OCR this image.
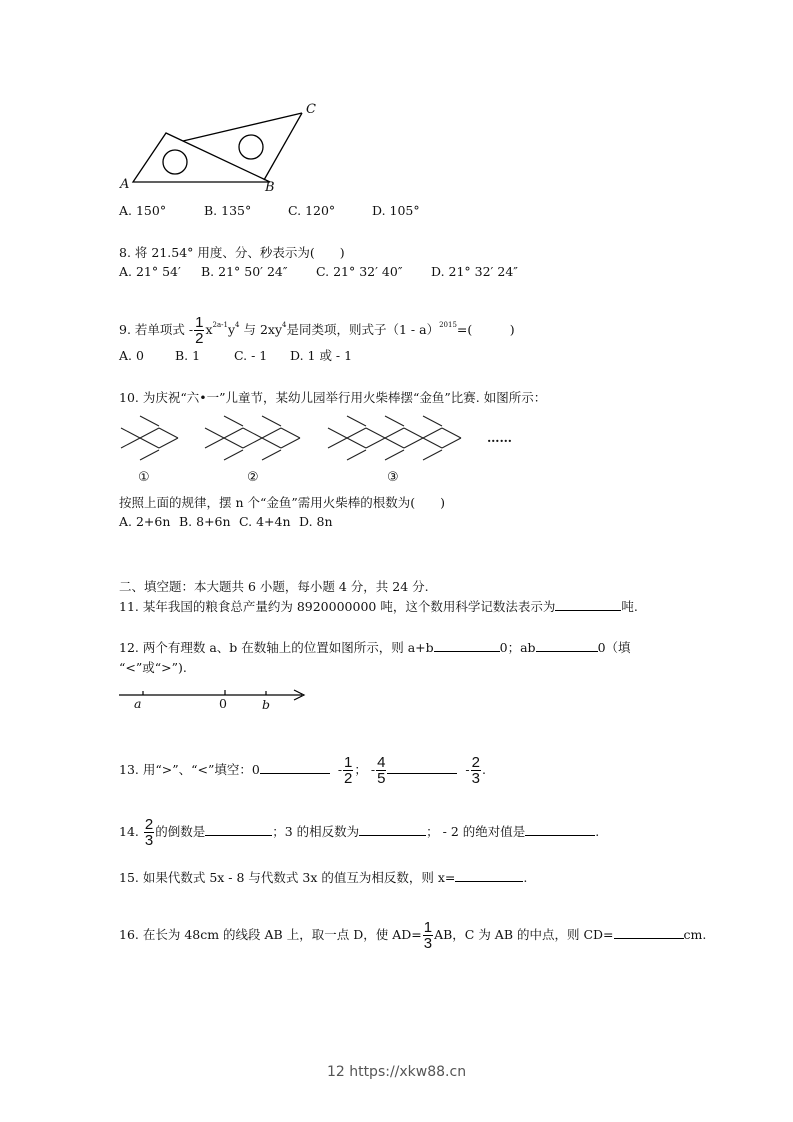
A	B
C
A. 150°	B. 135°	C. 120°	D. 105°
8. 将 21.54° 用度、分、秒表示为(　　)
A. 21° 54′ B. 21° 50′ 24″ C. 21° 32′ 40″ D. 21° 32′ 24″
9. 若单项式 - $\frac{1}{2} x^{2a-1}y^4$ 与 $2xy^4$是同类项，则式子（1 - a）$^{2015}$=(　　　)
A. 0 B. 1	C. - 1 D. 1 或 - 1
10. 为庆祝“六•一”儿童节，某幼儿园举行用火柴棒摆“金鱼”比赛. 如图所示：
……
①	②	③
按照上面的规律，摆 n 个“金鱼”需用火柴棒的根数为(　　)
A. 2+6n B. 8+6n C. 4+4n D. 8n
二、填空题：本大题共 6 小题，每小题 4 分，共 24 分.
11. 某年我国的粮食总产量约为 8920000000 吨，这个数用科学记数法表示为	吨.
12. 两个有理数 a、b 在数轴上的位置如图所示，则 a+b	0；ab	0（填
“<”或“>”).
a	0	b
13. 用“>”、“<”填空：0	- $\frac{1}{2}$ ； - $\frac{4}{5}$	- $\frac{2}{3}$ .
14. $\frac{2}{3}$ 的倒数是	；3 的相反数为	； - 2 的绝对值是	.
15. 如果代数式 5x - 8 与代数式 3x 的值互为相反数，则 x=	.
16. 在长为 48cm 的线段 AB 上，取一点 D，使 $AD= \frac{1}{3}$ AB，C 为 AB 的中点，则 CD=	cm.
12 https://xkw88.cn
